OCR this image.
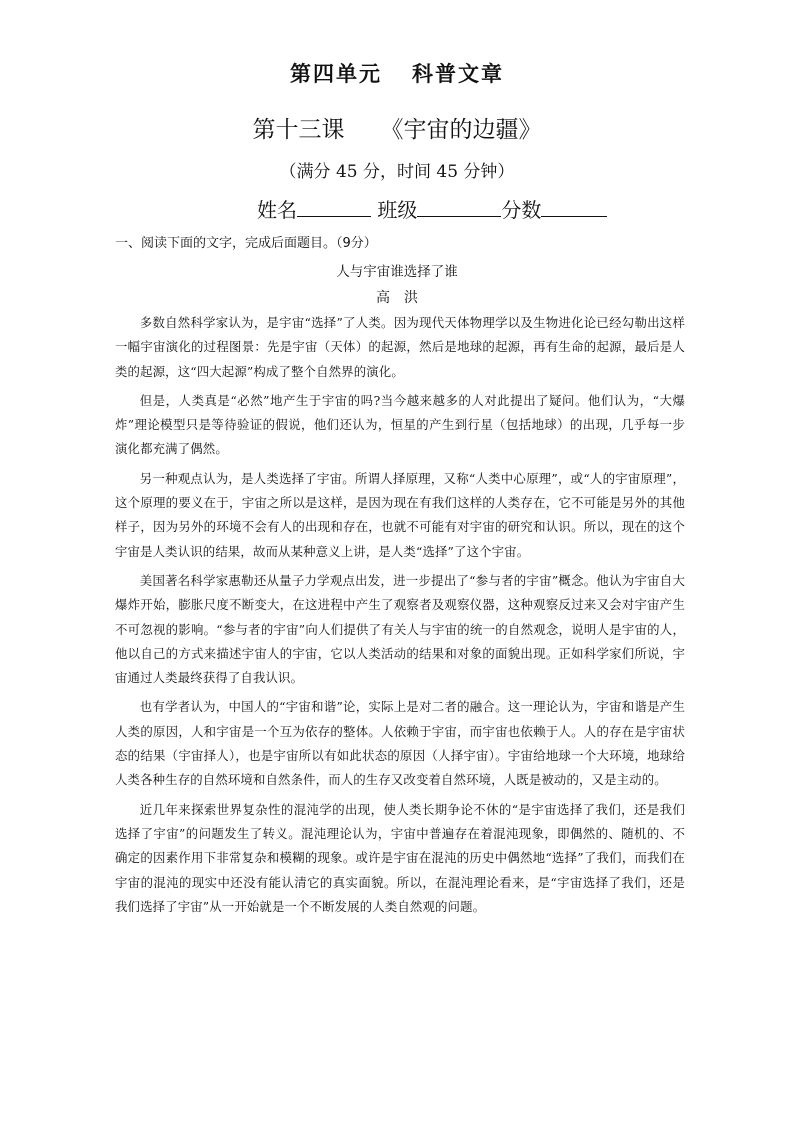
第四单元 科普文章
第十三课 《宇宙的边疆》
（满分 45 分，时间 45 分钟）
姓名	班级	分数
一、阅读下面的文字，完成后面题目。（9分）
人与宇宙谁选择了谁
高洪

多数自然科学家认为，是宇宙“选择”了人类。因为现代天体物理学以及生物进化论已经勾勒出这样一幅宇宙演化的过程图景：先是宇宙（天体）的起源，然后是地球的起源，再有生命的起源，最后是人类的起源，这“四大起源”构成了整个自然界的演化。

但是，人类真是“必然”地产生于宇宙的吗?当今越来越多的人对此提出了疑问。他们认为，“大爆炸”理论模型只是等待验证的假说，他们还认为，恒星的产生到行星（包括地球）的出现，几乎每一步演化都充满了偶然。

另一种观点认为，是人类选择了宇宙。所谓人择原理，又称“人类中心原理”，或“人的宇宙原理”，这个原理的要义在于，宇宙之所以是这样，是因为现在有我们这样的人类存在，它不可能是另外的其他样子，因为另外的环境不会有人的出现和存在，也就不可能有对宇宙的研究和认识。所以，现在的这个宇宙是人类认识的结果，故而从某种意义上讲，是人类“选择”了这个宇宙。

美国著名科学家惠勒还从量子力学观点出发，进一步提出了“参与者的宇宙”概念。他认为宇宙自大爆炸开始，膨胀尺度不断变大，在这进程中产生了观察者及观察仪器，这种观察反过来又会对宇宙产生不可忽视的影响。“参与者的宇宙”向人们提供了有关人与宇宙的统一的自然观念，说明人是宇宙的人，他以自己的方式来描述宇宙人的宇宙，它以人类活动的结果和对象的面貌出现。正如科学家们所说，宇宙通过人类最终获得了自我认识。

也有学者认为，中国人的“宇宙和谐”论，实际上是对二者的融合。这一理论认为，宇宙和谐是产生人类的原因，人和宇宙是一个互为依存的整体。人依赖于宇宙，而宇宙也依赖于人。人的存在是宇宙状态的结果（宇宙择人），也是宇宙所以有如此状态的原因（人择宇宙）。宇宙给地球一个大环境，地球给人类各种生存的自然环境和自然条件，而人的生存又改变着自然环境，人既是被动的，又是主动的。

近几年来探索世界复杂性的混沌学的出现，使人类长期争论不休的“是宇宙选择了我们，还是我们选择了宇宙”的问题发生了转义。混沌理论认为，宇宙中普遍存在着混沌现象，即偶然的、随机的、不确定的因素作用下非常复杂和模糊的现象。或许是宇宙在混沌的历史中偶然地“选择”了我们，而我们在宇宙的混沌的现实中还没有能认清它的真实面貌。所以，在混沌理论看来，是“宇宙选择了我们，还是我们选择了宇宙”从一开始就是一个不断发展的人类自然观的问题。
